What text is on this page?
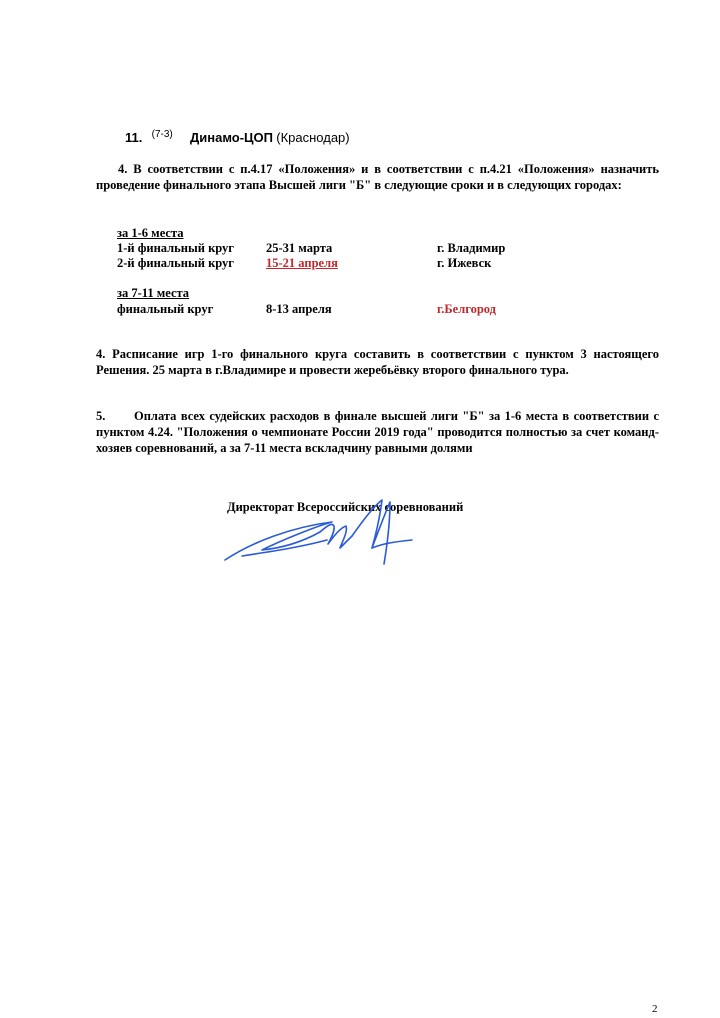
11. $^{(7-3)}$ Динамо-ЦОП (Краснодар)
4. В соответствии с п.4.17 «Положения» и в соответствии с п.4.21 «Положения» назначить проведение финального этапа Высшей лиги "Б" в следующие сроки и в следующих городах:
за 1-6 места
1-й финальный круг	25-31 марта	г. Владимир
2-й финальный круг	15-21 апреля	г. Ижевск
за 7-11 места
финальный круг	8-13 апреля	г.Белгород
4. Расписание игр 1-го финального круга составить в соответствии с пунктом 3 настоящего Решения. 25 марта в г.Владимире и провести жеребьёвку второго финального тура.
5. Оплата всех судейских расходов в финале высшей лиги "Б" за 1-6 места в соответствии с пунктом 4.24. "Положения о чемпионате России 2019 года" проводится полностью за счет команд-хозяев соревнований, а за 7-11 места вскладчину равными долями
Директорат Всероссийских соревнований
2
